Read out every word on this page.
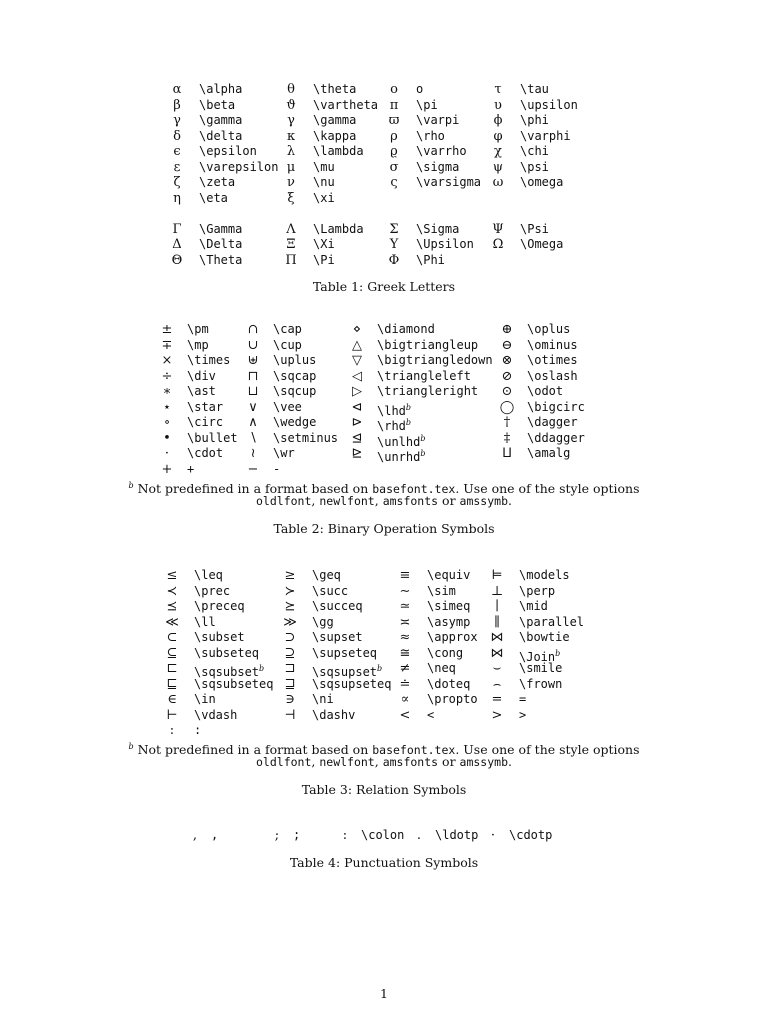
α	\alpha	θ	\theta	o	o	τ	\tau
β	\beta	ϑ	\vartheta π	\pi	υ	\upsilon
γ	\gamma	γ	\gamma	ϖ	\varpi	ϕ	\phi
δ	\delta	κ	\kappa	ρ	\rho	φ	\varphi
ϵ	\epsilon	λ	\lambda	ϱ	\varrho	χ	\chi
ε	\varepsilon μ	\mu	σ	\sigma	ψ	\psi
ζ	\zeta	ν	\nu	ς	\varsigma ω	\omega
η	\eta	ξ	\xi
Γ	\Gamma	Λ	\Lambda	Σ	\Sigma	Ψ	\Psi
Δ	\Delta	Ξ	\Xi	Υ	\Upsilon	Ω	\Omega
Θ	\Theta	Π	\Pi	Φ	\Phi
Table 1: Greek Letters
±	\pm	∩	\cap	⋄	\diamond	⊕	\oplus
∓	\mp	∪	\cup	△	\bigtriangleup	⊖	\ominus
×	\times	⊎	\uplus	▽	\bigtriangledown ⊗	\otimes
÷	\div	⊓	\sqcap	◁	\triangleleft	⊘	\oslash
∗	\ast	⊔	\sqcup	▷	\triangleright	⊙	\odot
⋆	\star	∨	\vee	⊲	\lhd$^b$	◯ \bigcirc
∘	\circ	∧	\wedge	⊳	\rhd$^b$	†	\dagger
•	\bullet ∖	\setminus	⊴	\unlhd$^b$	‡	\ddagger
·	\cdot	≀	\wr	⊵	\unrhd$^b$	⨿	\amalg
+	+	−	-
$^b$ Not predefined in a format based on basefont.tex. Use one of the style options
oldlfont, newlfont, amsfonts or amssymb.
Table 2: Binary Operation Symbols
≤	\leq	≥	\geq	≡	\equiv	⊨	\models
≺	\prec	≻	\succ	∼	\sim	⊥	\perp
⪯	\preceq	⪰	\succeq	≃	\simeq	∣	\mid
≪ \ll	≫ \gg	≍	\asymp	∥	\parallel
⊂	\subset	⊃	\supset	≈	\approx ⋈ \bowtie
⊆	\subseteq	⊇	\supseteq	≅	\cong ⋈ \Join$^b$
⊏	\sqsubset$^b$	⊐	\sqsupset$^b$	≠	\neq	⌣	\smile
⊑	\sqsubseteq ⊒	\sqsupseteq ≐	\doteq	⌢	\frown
∈	\in	∋	\ni	∝	\propto	=	=
⊢	\vdash	⊣	\dashv	<	<	>	>
:	:
$^b$ Not predefined in a format based on basefont.tex. Use one of the style options
oldlfont, newlfont, amsfonts or amssymb.
Table 3: Relation Symbols
,	,	;	;	:	\colon .	\ldotp ·	\cdotp
Table 4: Punctuation Symbols
1
